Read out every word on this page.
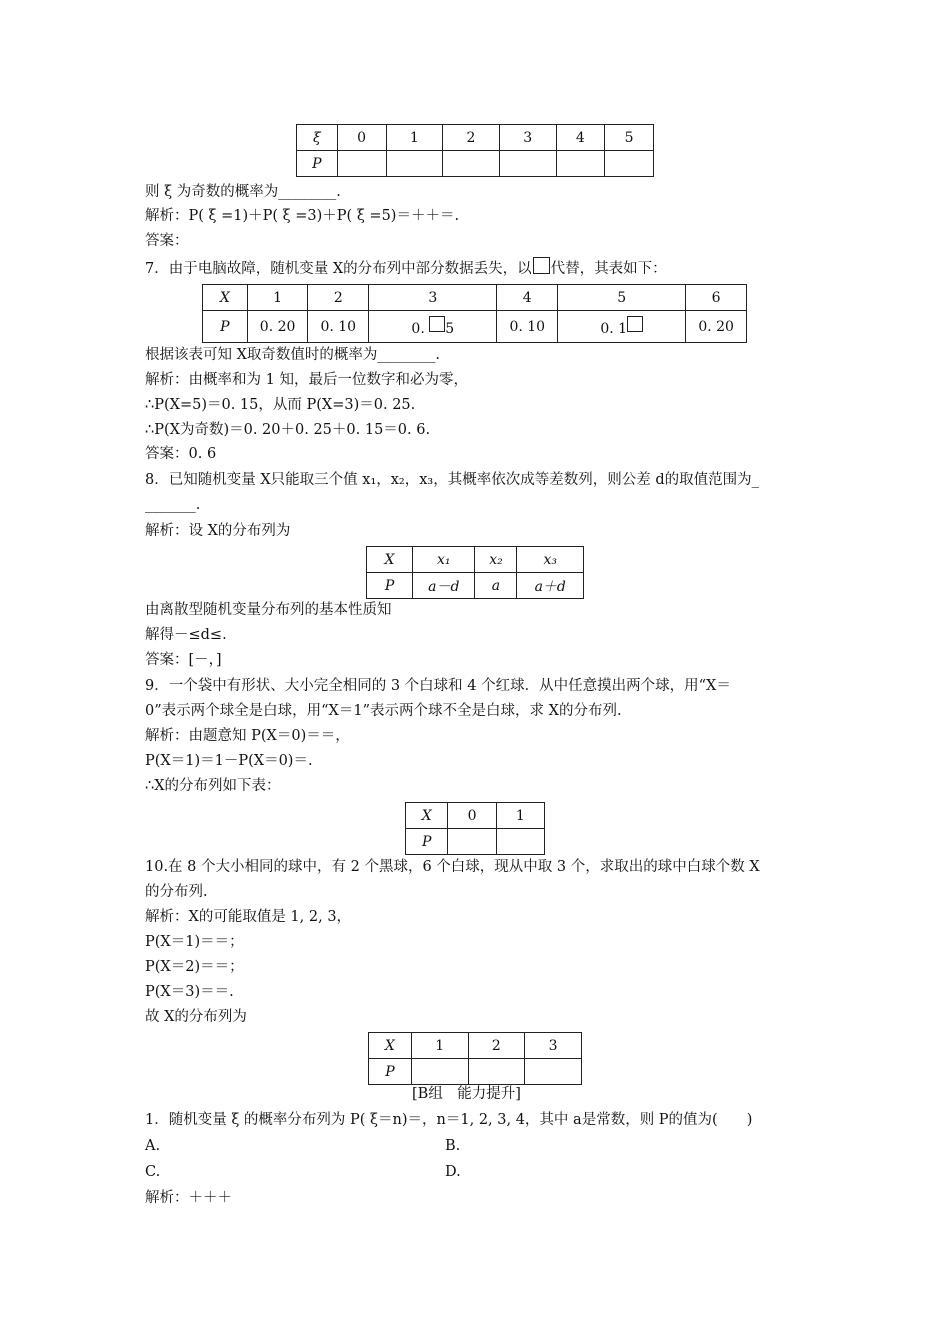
ξ	0	1	2	3	4	5
P						
则 ξ 为奇数的概率为________.
解析：P( ξ =1)＋P( ξ =3)＋P( ξ =5)＝＋＋＝.
答案：
7．由于电脑故障，随机变量 X的分布列中部分数据丢失，以 代替，其表如下：
X	1	2	3	4	5	6
P	0. 20	0. 10	0. 5	0. 10	0. 1	0. 20
根据该表可知 X取奇数值时的概率为________.
解析：由概率和为 1 知，最后一位数字和必为零，
∴P(X=5)＝0. 15，从而 P(X=3)＝0. 25.
∴P(X为奇数)＝0. 20＋0. 25＋0. 15＝0. 6.
答案：0. 6
8．已知随机变量 X只能取三个值 x₁，x₂，x₃，其概率依次成等差数列，则公差 d的取值范围为_
_______.
解析：设 X的分布列为
X	x₁	x₂	x₃
P	a－d	a	a＋d
由离散型随机变量分布列的基本性质知
解得－≤d≤.
答案：[－，]
9．一个袋中有形状、大小完全相同的 3 个白球和 4 个红球．从中任意摸出两个球，用“X＝
0”表示两个球全是白球，用“X＝1”表示两个球不全是白球，求 X的分布列.
解析：由题意知 P(X＝0)＝＝，
P(X＝1)＝1－P(X＝0)＝.
∴X的分布列如下表：
X	0	1
P		
10.在 8 个大小相同的球中，有 2 个黑球，6 个白球，现从中取 3 个，求取出的球中白球个数 X
的分布列.
解析：X的可能取值是 1, 2, 3，
P(X＝1)＝＝；
P(X＝2)＝＝；
P(X＝3)＝＝.
故 X的分布列为
X	1	2	3
P			
[B组　能力提升]
1．随机变量 ξ 的概率分布列为 P( ξ＝n)＝，n＝1, 2, 3, 4，其中 a是常数，则 P的值为(　　)
A.	B.
C.	D.
解析：＋＋＋
